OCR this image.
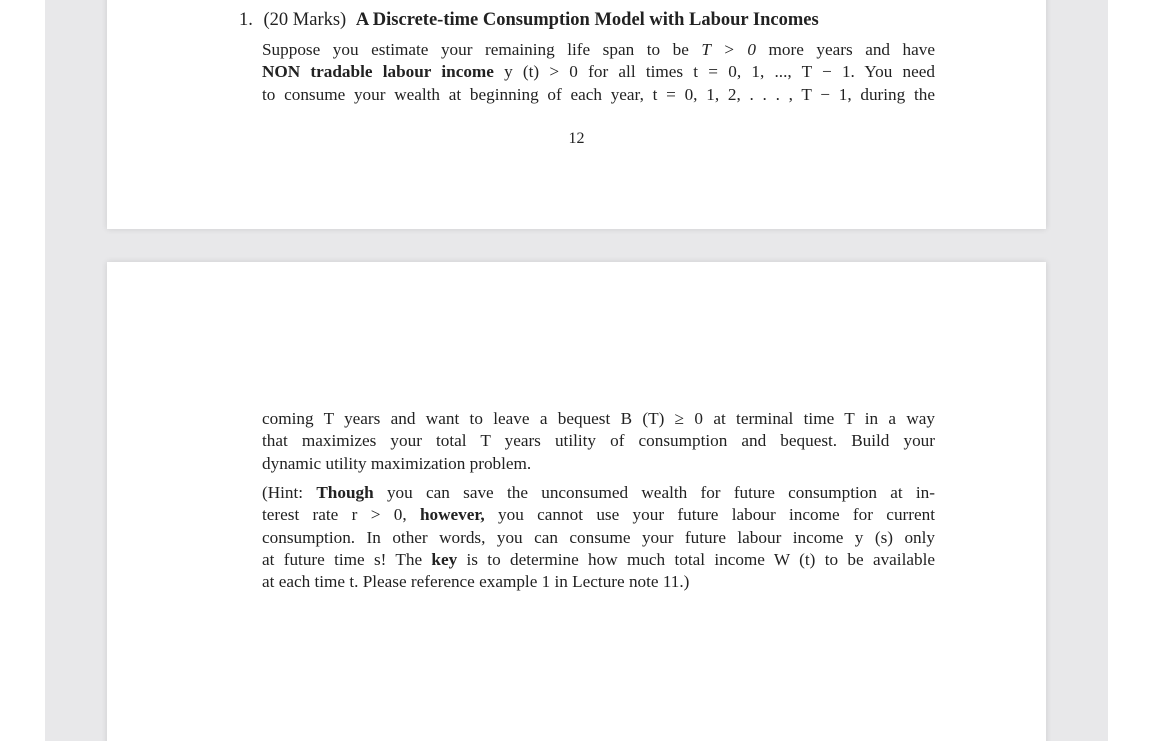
1. (20 Marks) A Discrete-time Consumption Model with Labour Incomes
Suppose you estimate your remaining life span to be T > 0 more years and have
NON tradable labour income y (t) > 0 for all times t = 0, 1, ..., T − 1. You need
to consume your wealth at beginning of each year, t = 0, 1, 2, . . . , T − 1, during the
12
coming T years and want to leave a bequest B (T) ≥ 0 at terminal time T in a way
that maximizes your total T years utility of consumption and bequest. Build your
dynamic utility maximization problem.
(Hint: Though you can save the unconsumed wealth for future consumption at in-
terest rate r > 0, however, you cannot use your future labour income for current
consumption. In other words, you can consume your future labour income y (s) only
at future time s! The key is to determine how much total income W (t) to be available
at each time t. Please reference example 1 in Lecture note 11.)
